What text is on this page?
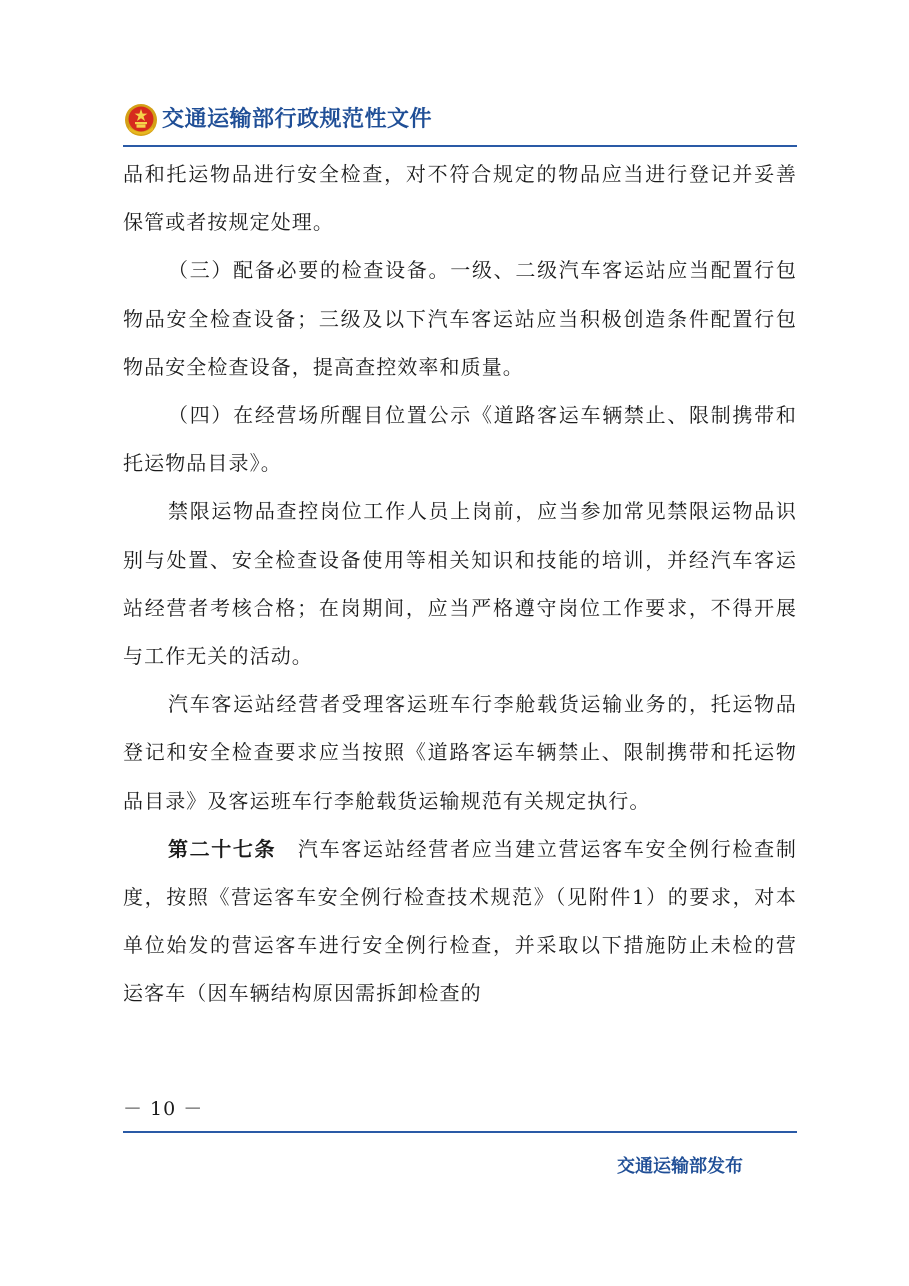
交通运输部行政规范性文件

品和托运物品进行安全检查，对不符合规定的物品应当进行登记并妥善保管或者按规定处理。

（三）配备必要的检查设备。一级、二级汽车客运站应当配置行包物品安全检查设备；三级及以下汽车客运站应当积极创造条件配置行包物品安全检查设备，提高查控效率和质量。

（四）在经营场所醒目位置公示《道路客运车辆禁止、限制携带和托运物品目录》。

禁限运物品查控岗位工作人员上岗前，应当参加常见禁限运物品识别与处置、安全检查设备使用等相关知识和技能的培训，并经汽车客运站经营者考核合格；在岗期间，应当严格遵守岗位工作要求，不得开展与工作无关的活动。

汽车客运站经营者受理客运班车行李舱载货运输业务的，托运物品登记和安全检查要求应当按照《道路客运车辆禁止、限制携带和托运物品目录》及客运班车行李舱载货运输规范有关规定执行。

第二十七条　 汽车客运站经营者应当建立营运客车安全例行检查制度，按照《营运客车安全例行检查技术规范》（见附件1）的要求，对本单位始发的营运客车进行安全例行检查，并采取以下措施防止未检的营运客车（因车辆结构原因需拆卸检查的

－ 10 －
交通运输部发布
